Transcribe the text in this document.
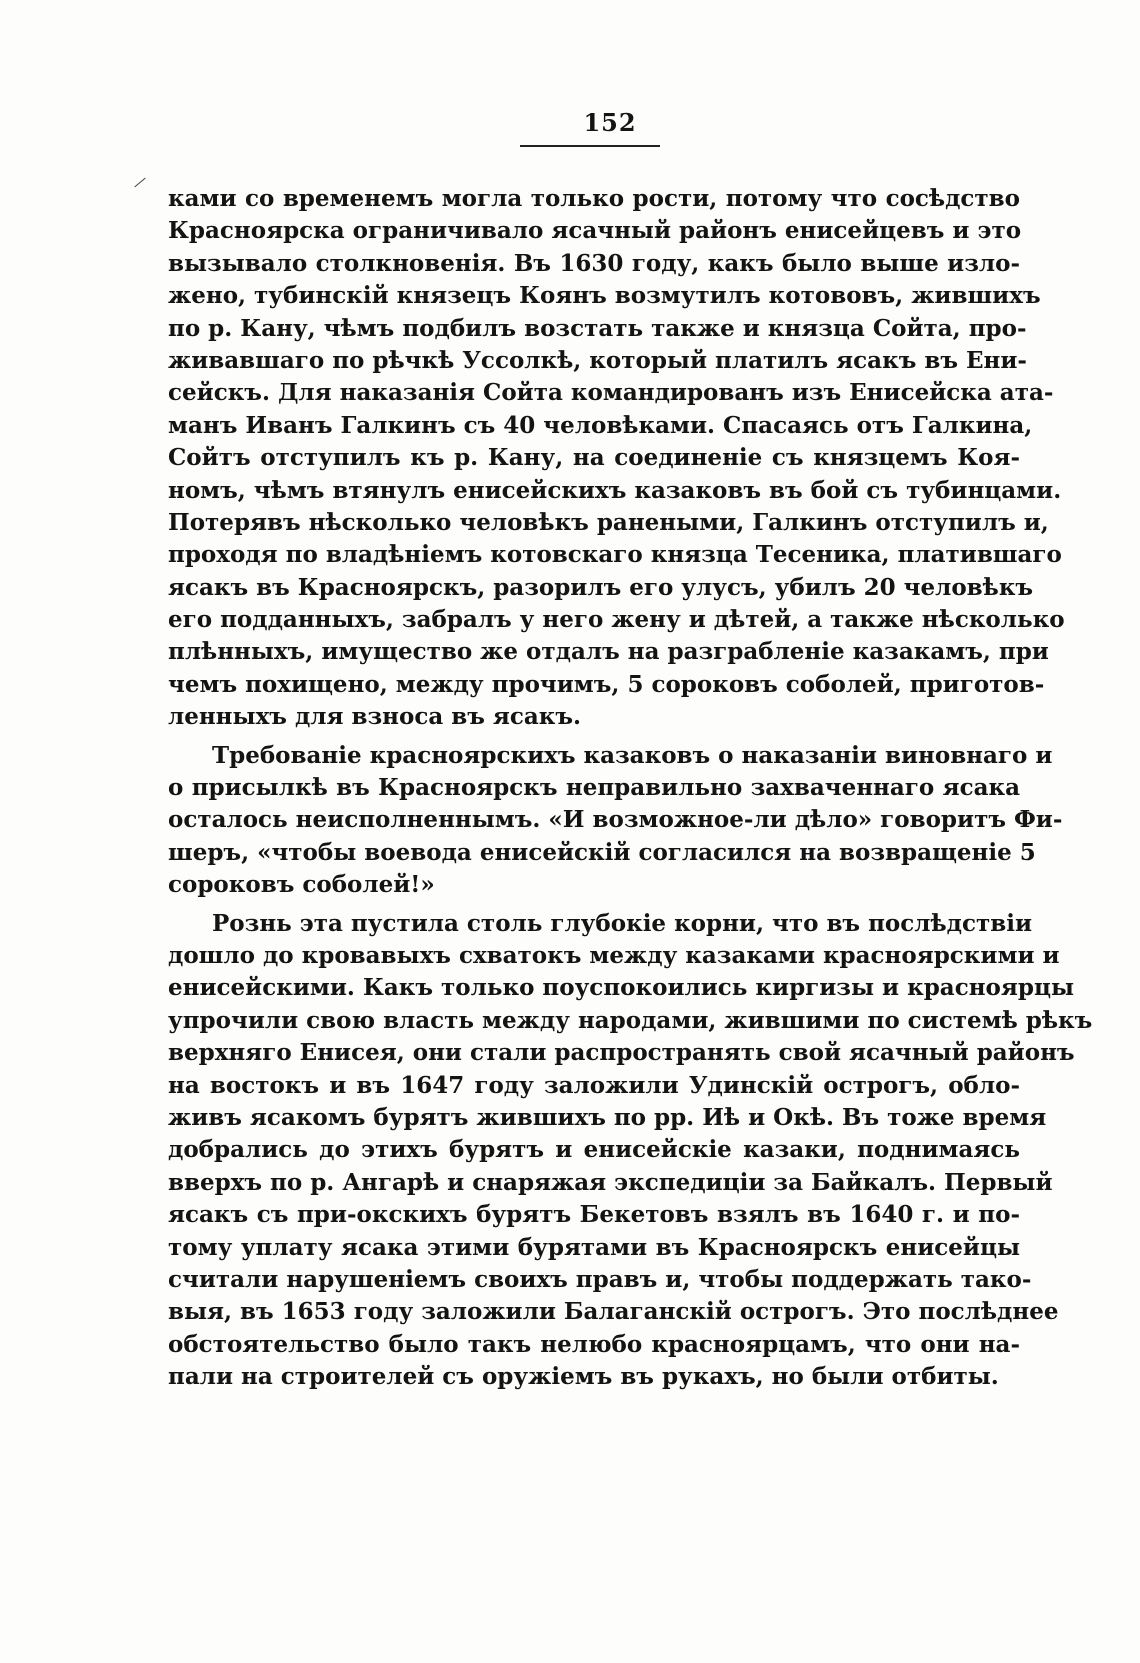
152
ками со временемъ могла только рости, потому что сосѣдство
Красноярска ограничивало ясачный районъ енисейцевъ и это
вызывало столкновенія. Въ 1630 году, какъ было выше изло-
жено, тубинскій князецъ Коянъ возмутилъ котововъ, жившихъ
по р. Кану, чѣмъ подбилъ возстать также и князца Сойта, про-
живавшаго по рѣчкѣ Уссолкѣ, который платилъ ясакъ въ Ени-
сейскъ. Для наказанія Сойта командированъ изъ Енисейска ата-
манъ Иванъ Галкинъ съ 40 человѣками. Спасаясь отъ Галкина,
Сойтъ отступилъ къ р. Кану, на соединеніе съ князцемъ Коя-
номъ, чѣмъ втянулъ енисейскихъ казаковъ въ бой съ тубинцами.
Потерявъ нѣсколько человѣкъ ранеными, Галкинъ отступилъ и,
проходя по владѣніемъ котовскаго князца Тесеника, платившаго
ясакъ въ Красноярскъ, разорилъ его улусъ, убилъ 20 человѣкъ
его подданныхъ, забралъ у него жену и дѣтей, а также нѣсколько
плѣнныхъ, имущество же отдалъ на разграбленіе казакамъ, при
чемъ похищено, между прочимъ, 5 сороковъ соболей, приготов-
ленныхъ для взноса въ ясакъ.
Требованіе красноярскихъ казаковъ о наказаніи виновнаго и
о присылкѣ въ Красноярскъ неправильно захваченнаго ясака
осталось неисполненнымъ. «И возможное-ли дѣло» говоритъ Фи-
шеръ, «чтобы воевода енисейскій согласился на возвращеніе 5
сороковъ соболей!»
Рознь эта пустила столь глубокіе корни, что въ послѣдствіи
дошло до кровавыхъ схватокъ между казаками красноярскими и
енисейскими. Какъ только поуспокоились киргизы и красноярцы
упрочили свою власть между народами, жившими по системѣ рѣкъ
верхняго Енисея, они стали распространять свой ясачный районъ
на востокъ и въ 1647 году заложили Удинскій острогъ, обло-
живъ ясакомъ бурятъ жившихъ по рр. Иѣ и Окѣ. Въ тоже время
добрались до этихъ бурятъ и енисейскіе казаки, поднимаясь
вверхъ по р. Ангарѣ и снаряжая экспедиціи за Байкалъ. Первый
ясакъ съ при-окскихъ бурятъ Бекетовъ взялъ въ 1640 г. и по-
тому уплату ясака этими бурятами въ Красноярскъ енисейцы
считали нарушеніемъ своихъ правъ и, чтобы поддержать тако-
выя, въ 1653 году заложили Балаганскій острогъ. Это послѣднее
обстоятельство было такъ нелюбо красноярцамъ, что они на-
пали на строителей съ оружіемъ въ рукахъ, но были отбиты.
